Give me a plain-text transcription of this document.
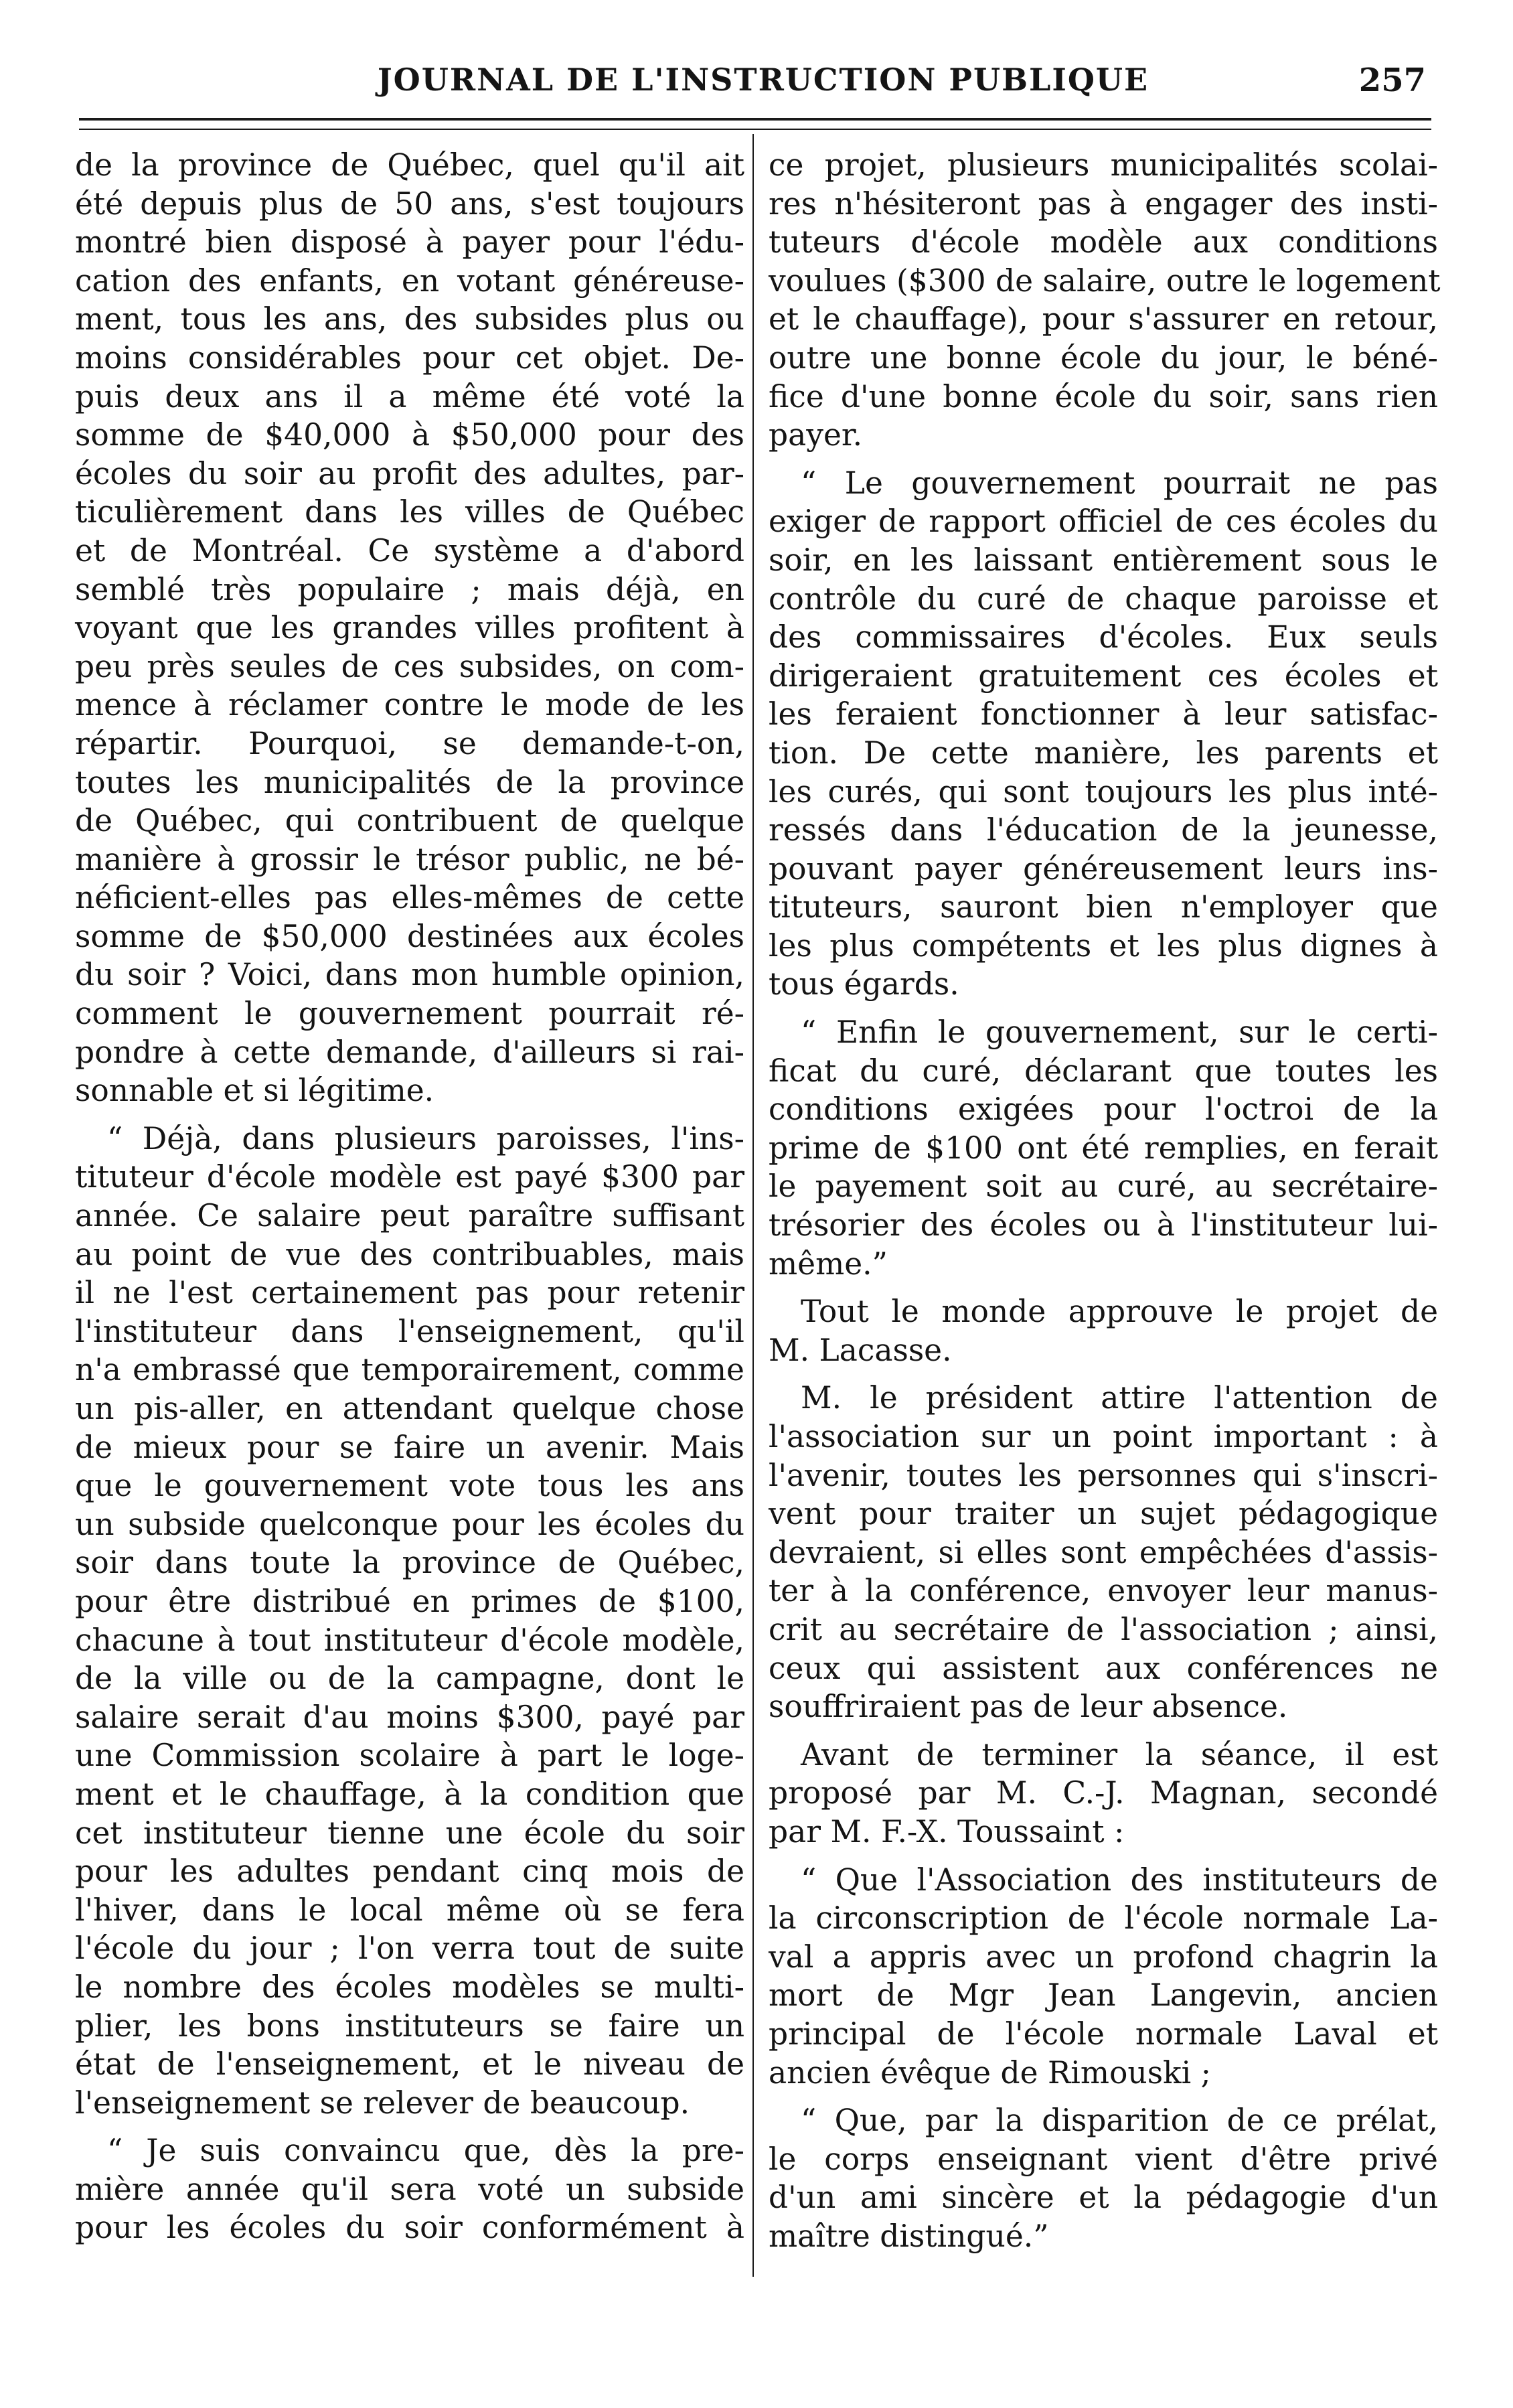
JOURNAL DE L'INSTRUCTION PUBLIQUE	257
de la province de Québec, quel qu'il ait
été depuis plus de 50 ans, s'est toujours
montré bien disposé à payer pour l'édu-
cation des enfants, en votant généreuse-
ment, tous les ans, des subsides plus ou
moins considérables pour cet objet. De-
puis deux ans il a même été voté la
somme de $40,000 à $50,000 pour des
écoles du soir au profit des adultes, par-
ticulièrement dans les villes de Québec
et de Montréal. Ce système a d'abord
semblé très populaire ; mais déjà, en
voyant que les grandes villes profitent à
peu près seules de ces subsides, on com-
mence à réclamer contre le mode de les
répartir. Pourquoi, se demande-t-on,
toutes les municipalités de la province
de Québec, qui contribuent de quelque
manière à grossir le trésor public, ne bé-
néficient-elles pas elles-mêmes de cette
somme de $50,000 destinées aux écoles
du soir ? Voici, dans mon humble opinion,
comment le gouvernement pourrait ré-
pondre à cette demande, d'ailleurs si rai-
sonnable et si légitime.
“ Déjà, dans plusieurs paroisses, l'ins-
tituteur d'école modèle est payé $300 par
année. Ce salaire peut paraître suffisant
au point de vue des contribuables, mais
il ne l'est certainement pas pour retenir
l'instituteur dans l'enseignement, qu'il
n'a embrassé que temporairement, comme
un pis-aller, en attendant quelque chose
de mieux pour se faire un avenir. Mais
que le gouvernement vote tous les ans
un subside quelconque pour les écoles du
soir dans toute la province de Québec,
pour être distribué en primes de $100,
chacune à tout instituteur d'école modèle,
de la ville ou de la campagne, dont le
salaire serait d'au moins $300, payé par
une Commission scolaire à part le loge-
ment et le chauffage, à la condition que
cet instituteur tienne une école du soir
pour les adultes pendant cinq mois de
l'hiver, dans le local même où se fera
l'école du jour ; l'on verra tout de suite
le nombre des écoles modèles se multi-
plier, les bons instituteurs se faire un
état de l'enseignement, et le niveau de
l'enseignement se relever de beaucoup.
“ Je suis convaincu que, dès la pre-
mière année qu'il sera voté un subside
pour les écoles du soir conformément à
ce projet, plusieurs municipalités scolai-
res n'hésiteront pas à engager des insti-
tuteurs d'école modèle aux conditions
voulues ($300 de salaire, outre le logement
et le chauffage), pour s'assurer en retour,
outre une bonne école du jour, le béné-
fice d'une bonne école du soir, sans rien
payer.
“ Le gouvernement pourrait ne pas
exiger de rapport officiel de ces écoles du
soir, en les laissant entièrement sous le
contrôle du curé de chaque paroisse et
des commissaires d'écoles. Eux seuls
dirigeraient gratuitement ces écoles et
les feraient fonctionner à leur satisfac-
tion. De cette manière, les parents et
les curés, qui sont toujours les plus inté-
ressés dans l'éducation de la jeunesse,
pouvant payer généreusement leurs ins-
tituteurs, sauront bien n'employer que
les plus compétents et les plus dignes à
tous égards.
“ Enfin le gouvernement, sur le certi-
ficat du curé, déclarant que toutes les
conditions exigées pour l'octroi de la
prime de $100 ont été remplies, en ferait
le payement soit au curé, au secrétaire-
trésorier des écoles ou à l'instituteur lui-
même.”
Tout le monde approuve le projet de
M. Lacasse.
M. le président attire l'attention de
l'association sur un point important : à
l'avenir, toutes les personnes qui s'inscri-
vent pour traiter un sujet pédagogique
devraient, si elles sont empêchées d'assis-
ter à la conférence, envoyer leur manus-
crit au secrétaire de l'association ; ainsi,
ceux qui assistent aux conférences ne
souffriraient pas de leur absence.
Avant de terminer la séance, il est
proposé par M. C.-J. Magnan, secondé
par M. F.-X. Toussaint :
“ Que l'Association des instituteurs de
la circonscription de l'école normale La-
val a appris avec un profond chagrin la
mort de Mgr Jean Langevin, ancien
principal de l'école normale Laval et
ancien évêque de Rimouski ;
“ Que, par la disparition de ce prélat,
le corps enseignant vient d'être privé
d'un ami sincère et la pédagogie d'un
maître distingué.”
